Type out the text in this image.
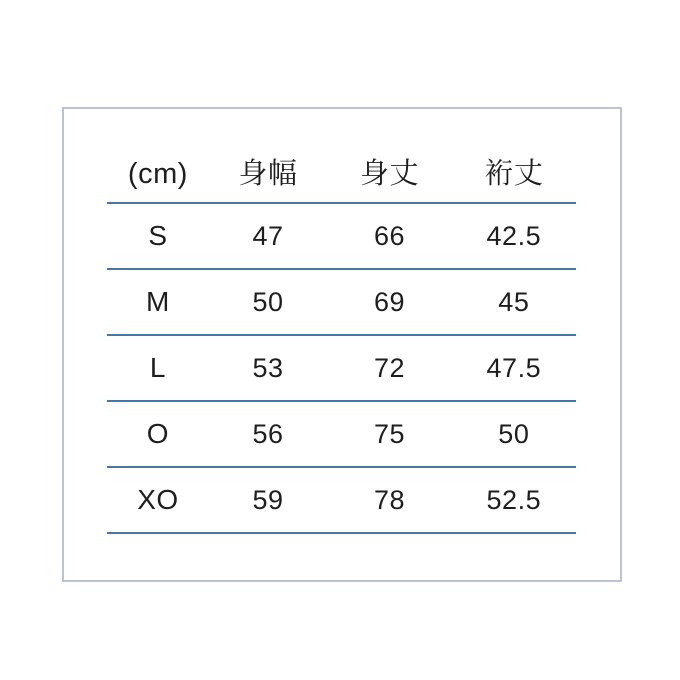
(cm)	身幅	身丈	裄丈
S	47	66	42.5
M	50	69	45
L	53	72	47.5
O	56	75	50
XO	59	78	52.5
